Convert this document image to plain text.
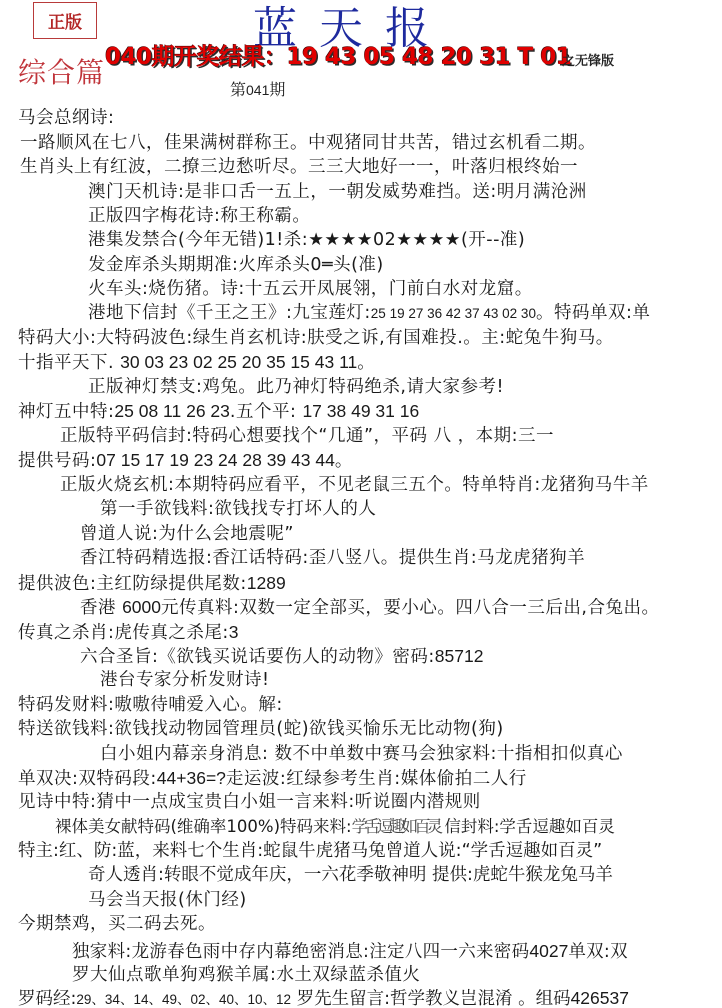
正版	蓝天报
综合篇 040期开奖结果：19 43 05 48 20 31 T 01
之无锋版
第041期
马会总纲诗:
一路顺风在七八，佳果满树群称王。中观猪同甘共苦，错过玄机看二期。
生肖头上有红波，二撩三边愁听尽。三三大地好一一，叶落归根终始一
澳门天机诗:是非口舌一五上，一朝发威势难挡。送:明月满沧洲
正版四字梅花诗:称王称霸。
港集发禁合(今年无错)1!杀:★★★★02★★★★(开--准)
发金库杀头期期准:火库杀头0═头(准)
火车头:烧伤猪。诗:十五云开凤展翎，门前白水对龙窟。
港地下信封《千王之王》:九宝莲灯:25 19 27 36 42 37 43 02 30。特码单双:单
特码大小:大特码波色:绿生肖玄机诗:肤受之诉,有国难投.。主:蛇兔牛狗马。
十指平天下. 30 03 23 02 25 20 35 15 43 11。
正版神灯禁支:鸡兔。此乃神灯特码绝杀,请大家参考!
神灯五中特:25 08 11 26 23.五个平: 17 38 49 31 16
正版特平码信封:特码心想要找个“几通”，平码 八 ，本期:三一
提供号码:07 15 17 19 23 24 28 39 43 44。
正版火烧玄机:本期特码应看平，不见老鼠三五个。特单特肖:龙猪狗马牛羊
第一手欲钱料:欲钱找专打坏人的人
曾道人说:为什么会地震呢”
香江特码精选报:香江话特码:歪八竖八。提供生肖:马龙虎猪狗羊
提供波色:主红防绿提供尾数:1289
香港 6000元传真料:双数一定全部买，要小心。四八合一三后出,合兔出。
传真之杀肖:虎传真之杀尾:3
六合圣旨:《欲钱买说话要伤人的动物》密码:85712
港台专家分析发财诗!
特码发财料:嗷嗷待哺爱入心。解:
特送欲钱料:欲钱找动物园管理员(蛇)欲钱买愉乐无比动物(狗)
白小姐内幕亲身消息: 数不中单数中赛马会独家料:十指相扣似真心
单双决:双特码段:44+36=?走运波:红绿参考生肖:媒体偷拍二人行
见诗中特:猜中一点成宝贵白小姐一言来料:听说圈内潜规则
裸体美女献特码(维确率100%)特码来料:学舌逗趣如百灵 信封料:学舌逗趣如百灵
特主:红、防:蓝，来料七个生肖:蛇鼠牛虎猪马兔曾道人说:“学舌逗趣如百灵”
奇人透肖:转眼不觉成年庆，一六花季敬神明 提供:虎蛇牛猴龙兔马羊
马会当天报(休门经)
今期禁鸡，买二码去死。
独家料:龙游春色雨中存内幕绝密消息:注定八四一六来密码4027单双:双
罗大仙点歌单狗鸡猴羊属:水土双绿蓝杀值火
罗码经:29、34、14、49、02、40、10、12 罗先生留言:哲学教义岂混淆 。组码426537
